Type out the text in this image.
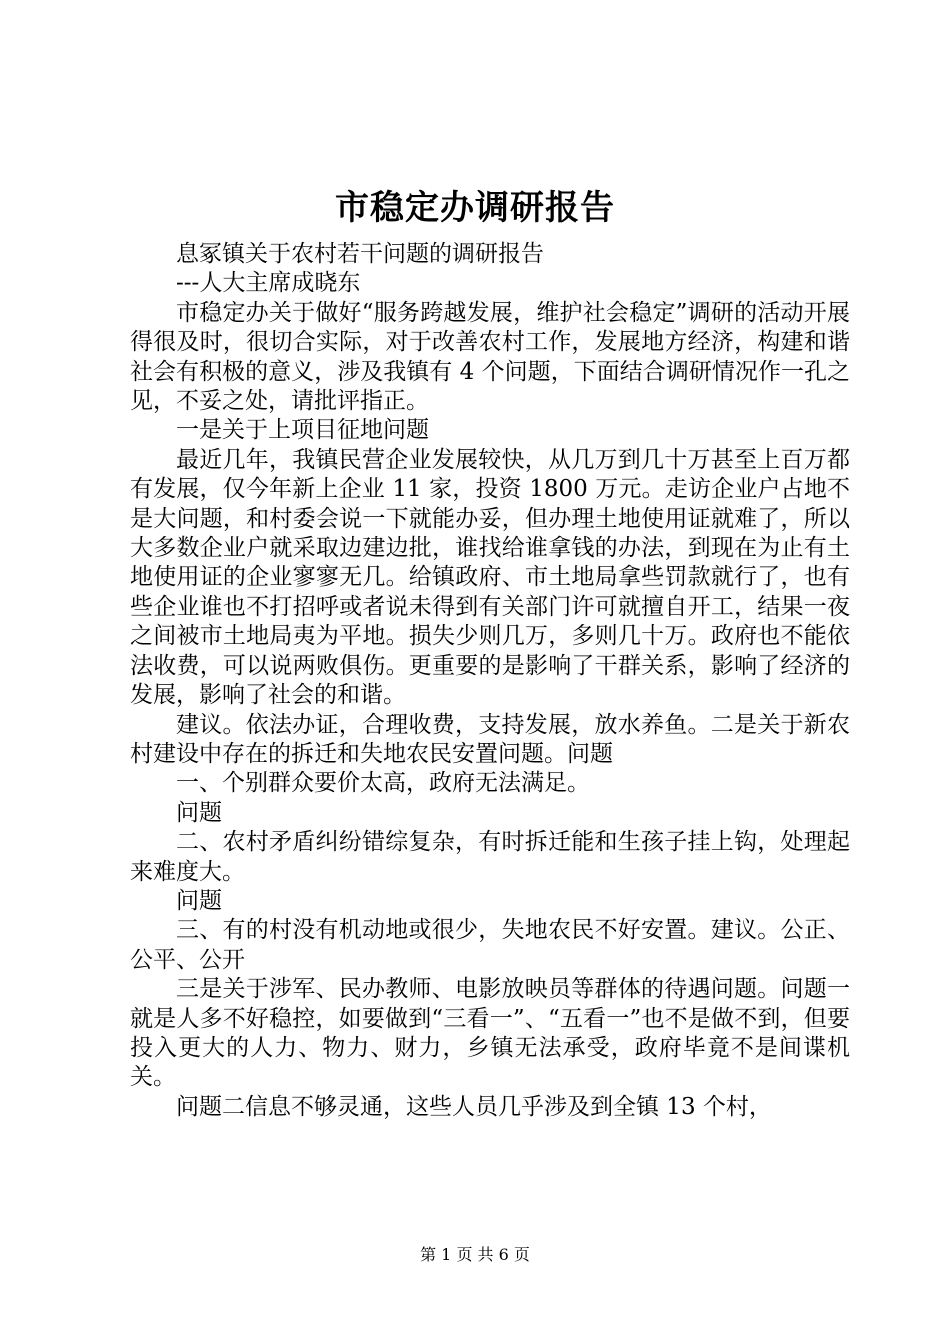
市稳定办调研报告

息冢镇关于农村若干问题的调研报告

---人大主席成晓东

市稳定办关于做好“服务跨越发展，维护社会稳定”调研的活动开展得很及时，很切合实际，对于改善农村工作，发展地方经济，构建和谐社会有积极的意义，涉及我镇有 4 个问题，下面结合调研情况作一孔之见，不妥之处，请批评指正。

一是关于上项目征地问题

最近几年，我镇民营企业发展较快，从几万到几十万甚至上百万都有发展，仅今年新上企业 11 家，投资 1800 万元。走访企业户占地不是大问题，和村委会说一下就能办妥，但办理土地使用证就难了，所以大多数企业户就采取边建边批，谁找给谁拿钱的办法，到现在为止有土地使用证的企业寥寥无几。给镇政府、市土地局拿些罚款就行了，也有些企业谁也不打招呼或者说未得到有关部门许可就擅自开工，结果一夜之间被市土地局夷为平地。损失少则几万，多则几十万。政府也不能依法收费，可以说两败俱伤。更重要的是影响了干群关系，影响了经济的发展，影响了社会的和谐。

建议。依法办证，合理收费，支持发展，放水养鱼。二是关于新农村建设中存在的拆迁和失地农民安置问题。问题

一、个别群众要价太高，政府无法满足。

问题

二、农村矛盾纠纷错综复杂，有时拆迁能和生孩子挂上钩，处理起来难度大。

问题

三、有的村没有机动地或很少，失地农民不好安置。建议。公正、公平、公开

三是关于涉军、民办教师、电影放映员等群体的待遇问题。问题一就是人多不好稳控，如要做到“三看一”、“五看一”也不是做不到，但要投入更大的人力、物力、财力，乡镇无法承受，政府毕竟不是间谍机关。

问题二信息不够灵通，这些人员几乎涉及到全镇 13 个村，

第 1 页 共 6 页
